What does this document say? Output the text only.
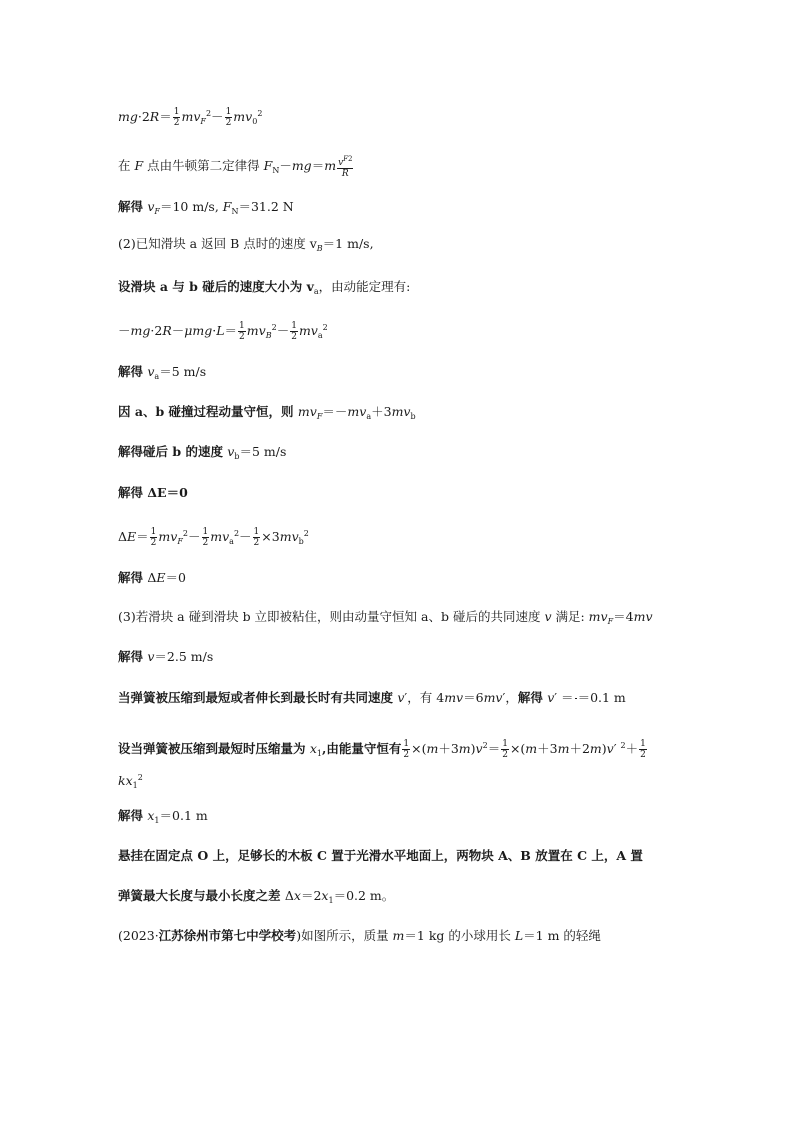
$mg\cdot 2R= \frac{1}{2} mv_F^2- \frac{1}{2} mv_0^2$
在 F 点由牛顿第二定律得 $F_N-mg=m \frac{v^{F2}}{R}$
解得 $v_F=10$ m/s, $F_N=31.2$ N
(2)已知滑块 a 返回 B 点时的速度 $v_B=1$ m/s,
设滑块 a 与 b 碰后的速度大小为 $v_a$，由动能定理有:
$-mg\cdot 2R-\mu mg\cdot L= \frac{1}{2} mv_B^2- \frac{1}{2} mv_a^2$
解得 $v_a=5$ m/s
因 a、b 碰撞过程动量守恒，则 $mv_F=-mv_a+3mv_b$
解得碰后 b 的速度 $v_b=5$ m/s
解得 ΔE＝0
$\Delta E= \frac{1}{2} mv_F^2- \frac{1}{2} mv_a^2- \frac{1}{2} \times 3mv_b^2$
解得 ΔE＝0
(3)若滑块 a 碰到滑块 b 立即被粘住，则由动量守恒知 a、b 碰后的共同速度 v 满足: $mv_F=4mv$
解得 v＝2.5 m/s
当弹簧被压缩到最短或者伸长到最长时有共同速度 v′，有 4mv＝6mv′，解得 v′ ＝ ＝0.1 m
设当弹簧被压缩到最短时压缩量为 $x_1$,由能量守恒有 $\frac{1}{2} \times(m+3m)v^2= \frac{1}{2} \times(m+3m+2m)v'$ $^2+ \frac{1}{2}$
$kx_1^2$
解得 $x_1=0.1$ m
悬挂在固定点 O 上，足够长的木板 C 置于光滑水平地面上，两物块 A、B 放置在 C 上，A 置
弹簧最大长度与最小长度之差 $\Delta x=2x_1=0.2$ m。
(2023·江苏徐州市第七中学校考)如图所示，质量 m＝1 kg 的小球用长 L＝1 m 的轻绳
